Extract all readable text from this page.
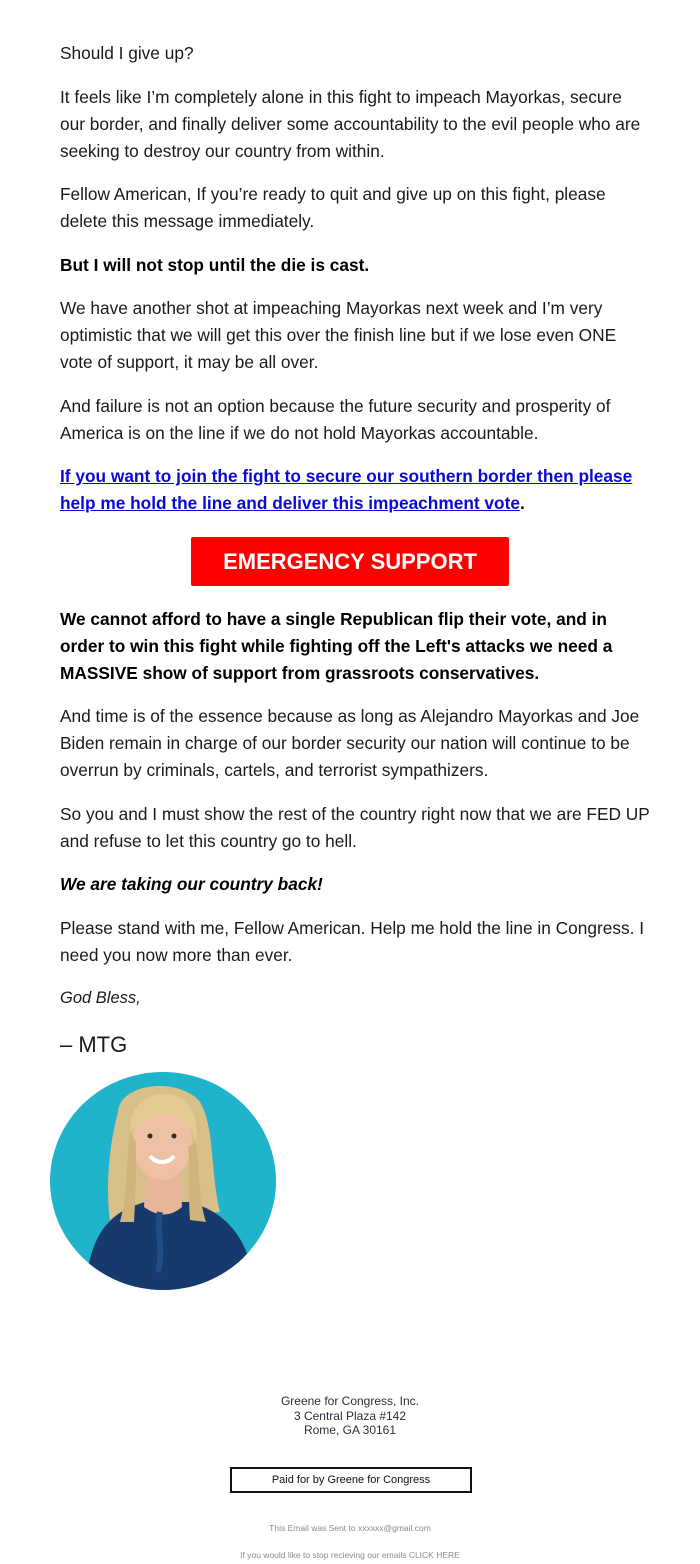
Should I give up?

It feels like I’m completely alone in this fight to impeach Mayorkas, secure our border, and finally deliver some accountability to the evil people who are seeking to destroy our country from within.

Fellow American, If you’re ready to quit and give up on this fight, please delete this message immediately.

But I will not stop until the die is cast.

We have another shot at impeaching Mayorkas next week and I’m very optimistic that we will get this over the finish line but if we lose even ONE vote of support, it may be all over.

And failure is not an option because the future security and prosperity of America is on the line if we do not hold Mayorkas accountable.

If you want to join the fight to secure our southern border then please help me hold the line and deliver this impeachment vote.

EMERGENCY SUPPORT

We cannot afford to have a single Republican flip their vote, and in order to win this fight while fighting off the Left's attacks we need a MASSIVE show of support from grassroots conservatives.

And time is of the essence because as long as Alejandro Mayorkas and Joe Biden remain in charge of our border security our nation will continue to be overrun by criminals, cartels, and terrorist sympathizers.

So you and I must show the rest of the country right now that we are FED UP and refuse to let this country go to hell.

We are taking our country back!

Please stand with me, Fellow American. Help me hold the line in Congress. I need you now more than ever.

God Bless,

– MTG

Greene for Congress, Inc.
3 Central Plaza #142
Rome, GA 30161
Paid for by Greene for Congress
This Email was Sent to xxxxxx@gmail.com
If you would like to stop recieving our emails CLICK HERE
